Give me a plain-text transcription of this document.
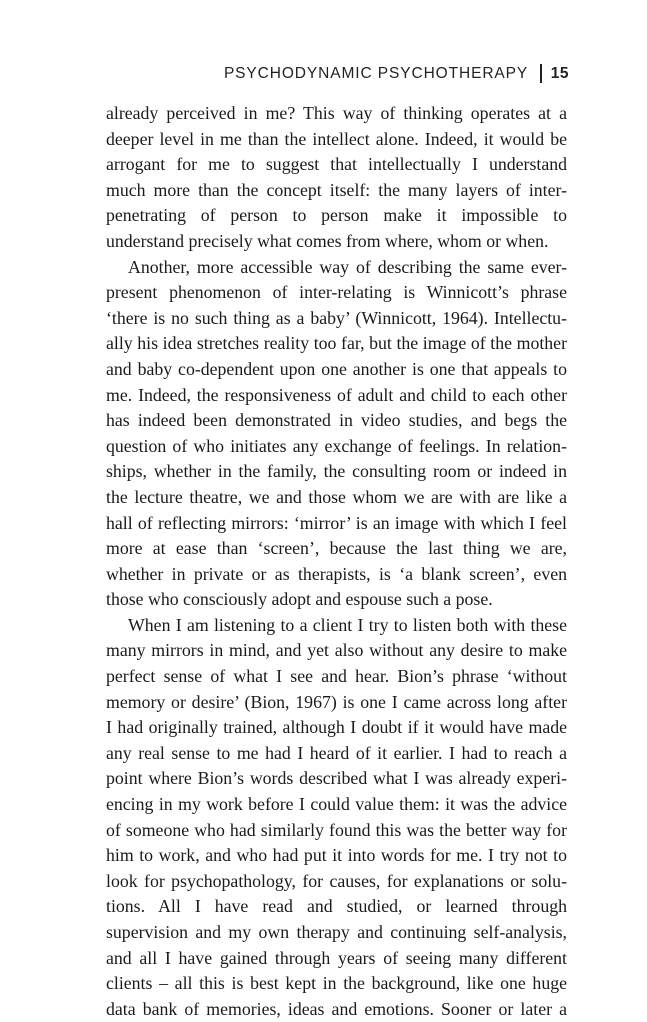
PSYCHODYNAMIC PSYCHOTHERAPY 15

already perceived in me? This way of thinking operates at a
deeper level in me than the intellect alone. Indeed, it would be
arrogant for me to suggest that intellectually I understand
much more than the concept itself: the many layers of inter-
penetrating of person to person make it impossible to
understand precisely what comes from where, whom or when.

Another, more accessible way of describing the same ever-
present phenomenon of inter-relating is Winnicott’s phrase
‘there is no such thing as a baby’ (Winnicott, 1964). Intellectu-
ally his idea stretches reality too far, but the image of the mother
and baby co-dependent upon one another is one that appeals to
me. Indeed, the responsiveness of adult and child to each other
has indeed been demonstrated in video studies, and begs the
question of who initiates any exchange of feelings. In relation-
ships, whether in the family, the consulting room or indeed in
the lecture theatre, we and those whom we are with are like a
hall of reflecting mirrors: ‘mirror’ is an image with which I feel
more at ease than ‘screen’, because the last thing we are,
whether in private or as therapists, is ‘a blank screen’, even
those who consciously adopt and espouse such a pose.

When I am listening to a client I try to listen both with these
many mirrors in mind, and yet also without any desire to make
perfect sense of what I see and hear. Bion’s phrase ‘without
memory or desire’ (Bion, 1967) is one I came across long after
I had originally trained, although I doubt if it would have made
any real sense to me had I heard of it earlier. I had to reach a
point where Bion’s words described what I was already experi-
encing in my work before I could value them: it was the advice
of someone who had similarly found this was the better way for
him to work, and who had put it into words for me. I try not to
look for psychopathology, for causes, for explanations or solu-
tions. All I have read and studied, or learned through
supervision and my own therapy and continuing self-analysis,
and all I have gained through years of seeing many different
clients – all this is best kept in the background, like one huge
data bank of memories, ideas and emotions. Sooner or later a
